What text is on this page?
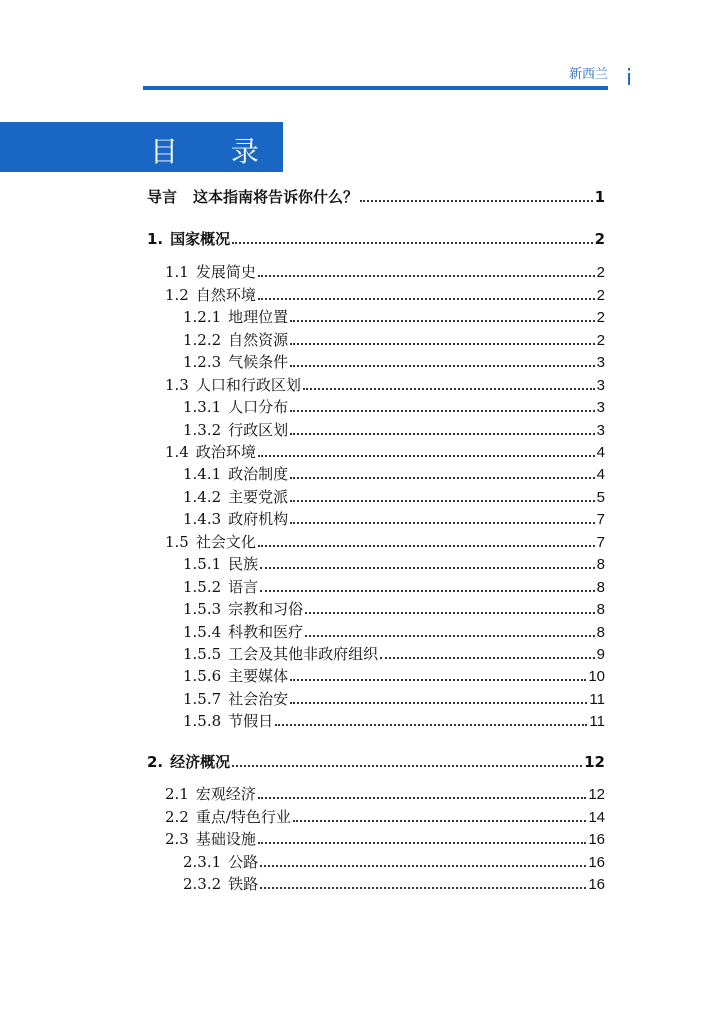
新西兰 i
目 录
导言 这本指南将告诉你什么？	1
1. 国家概况	2
1.1 发展简史	2
1.2 自然环境	2
1.2.1 地理位置	2
1.2.2 自然资源	2
1.2.3 气候条件	3
1.3 人口和行政区划	3
1.3.1 人口分布	3
1.3.2 行政区划	3
1.4 政治环境	4
1.4.1 政治制度	4
1.4.2 主要党派	5
1.4.3 政府机构	7
1.5 社会文化	7
1.5.1 民族	8
1.5.2 语言	8
1.5.3 宗教和习俗	8
1.5.4 科教和医疗	8
1.5.5 工会及其他非政府组织	9
1.5.6 主要媒体	10
1.5.7 社会治安	11
1.5.8 节假日	11
2. 经济概况	12
2.1 宏观经济	12
2.2 重点/特色行业	14
2.3 基础设施	16
2.3.1 公路	16
2.3.2 铁路	16
